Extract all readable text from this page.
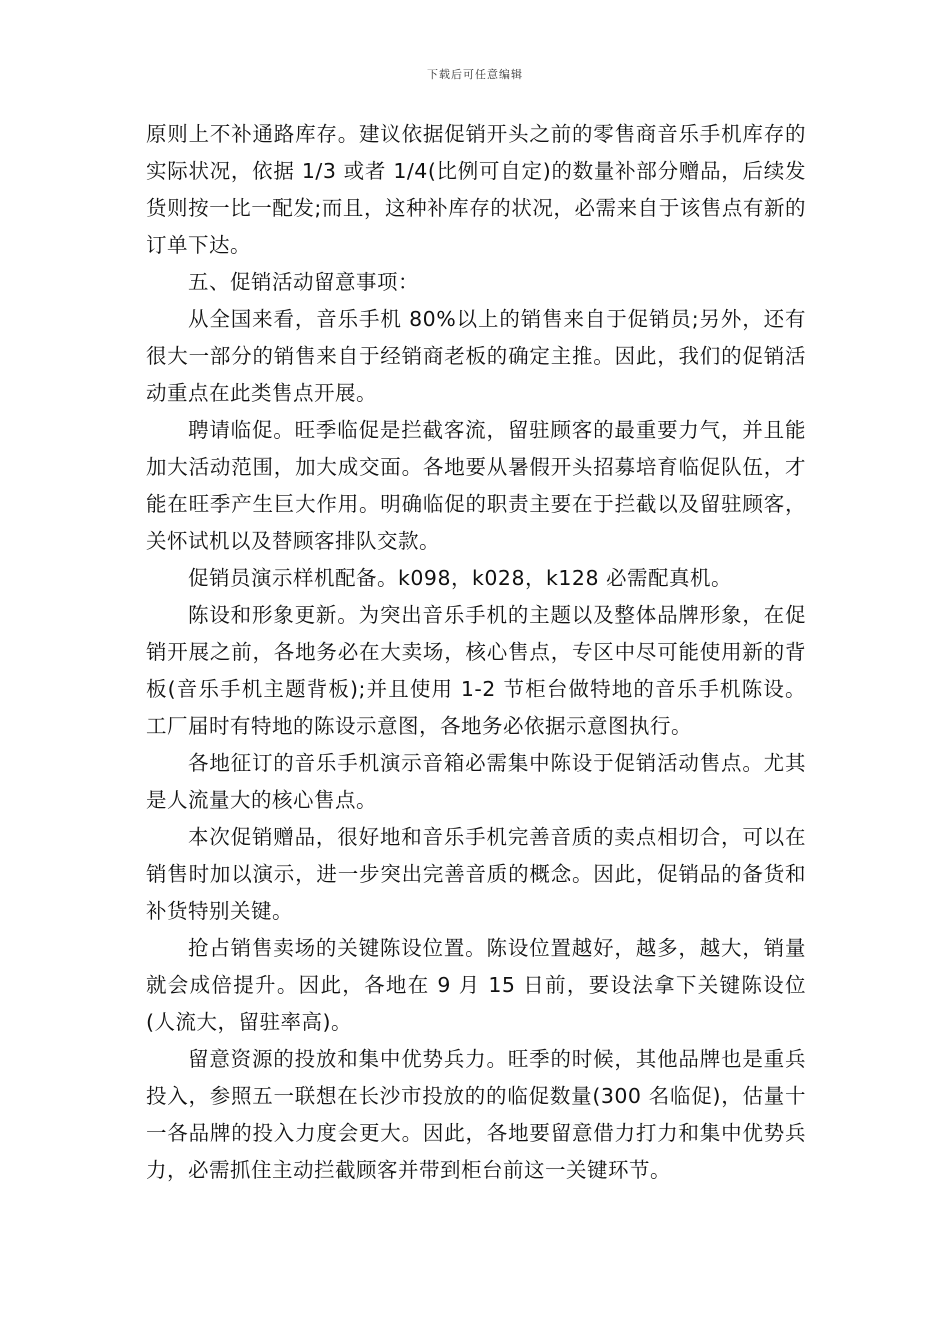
下载后可任意编辑

原则上不补通路库存。建议依据促销开头之前的零售商音乐手机库存的实际状况，依据 1/3 或者 1/4(比例可自定)的数量补部分赠品，后续发货则按一比一配发;而且，这种补库存的状况，必需来自于该售点有新的订单下达。

五、促销活动留意事项：

从全国来看，音乐手机 80%以上的销售来自于促销员;另外，还有很大一部分的销售来自于经销商老板的确定主推。因此，我们的促销活动重点在此类售点开展。

聘请临促。旺季临促是拦截客流，留驻顾客的最重要力气，并且能加大活动范围，加大成交面。各地要从暑假开头招募培育临促队伍，才能在旺季产生巨大作用。明确临促的职责主要在于拦截以及留驻顾客，关怀试机以及替顾客排队交款。

促销员演示样机配备。k098，k028，k128 必需配真机。

陈设和形象更新。为突出音乐手机的主题以及整体品牌形象，在促销开展之前，各地务必在大卖场，核心售点，专区中尽可能使用新的背板(音乐手机主题背板);并且使用 1-2 节柜台做特地的音乐手机陈设。工厂届时有特地的陈设示意图，各地务必依据示意图执行。

各地征订的音乐手机演示音箱必需集中陈设于促销活动售点。尤其是人流量大的核心售点。

本次促销赠品，很好地和音乐手机完善音质的卖点相切合，可以在销售时加以演示，进一步突出完善音质的概念。因此，促销品的备货和补货特别关键。

抢占销售卖场的关键陈设位置。陈设位置越好，越多，越大，销量就会成倍提升。因此，各地在 9 月 15 日前，要设法拿下关键陈设位(人流大，留驻率高)。

留意资源的投放和集中优势兵力。旺季的时候，其他品牌也是重兵投入，参照五一联想在长沙市投放的的临促数量(300 名临促)，估量十一各品牌的投入力度会更大。因此，各地要留意借力打力和集中优势兵力，必需抓住主动拦截顾客并带到柜台前这一关键环节。
